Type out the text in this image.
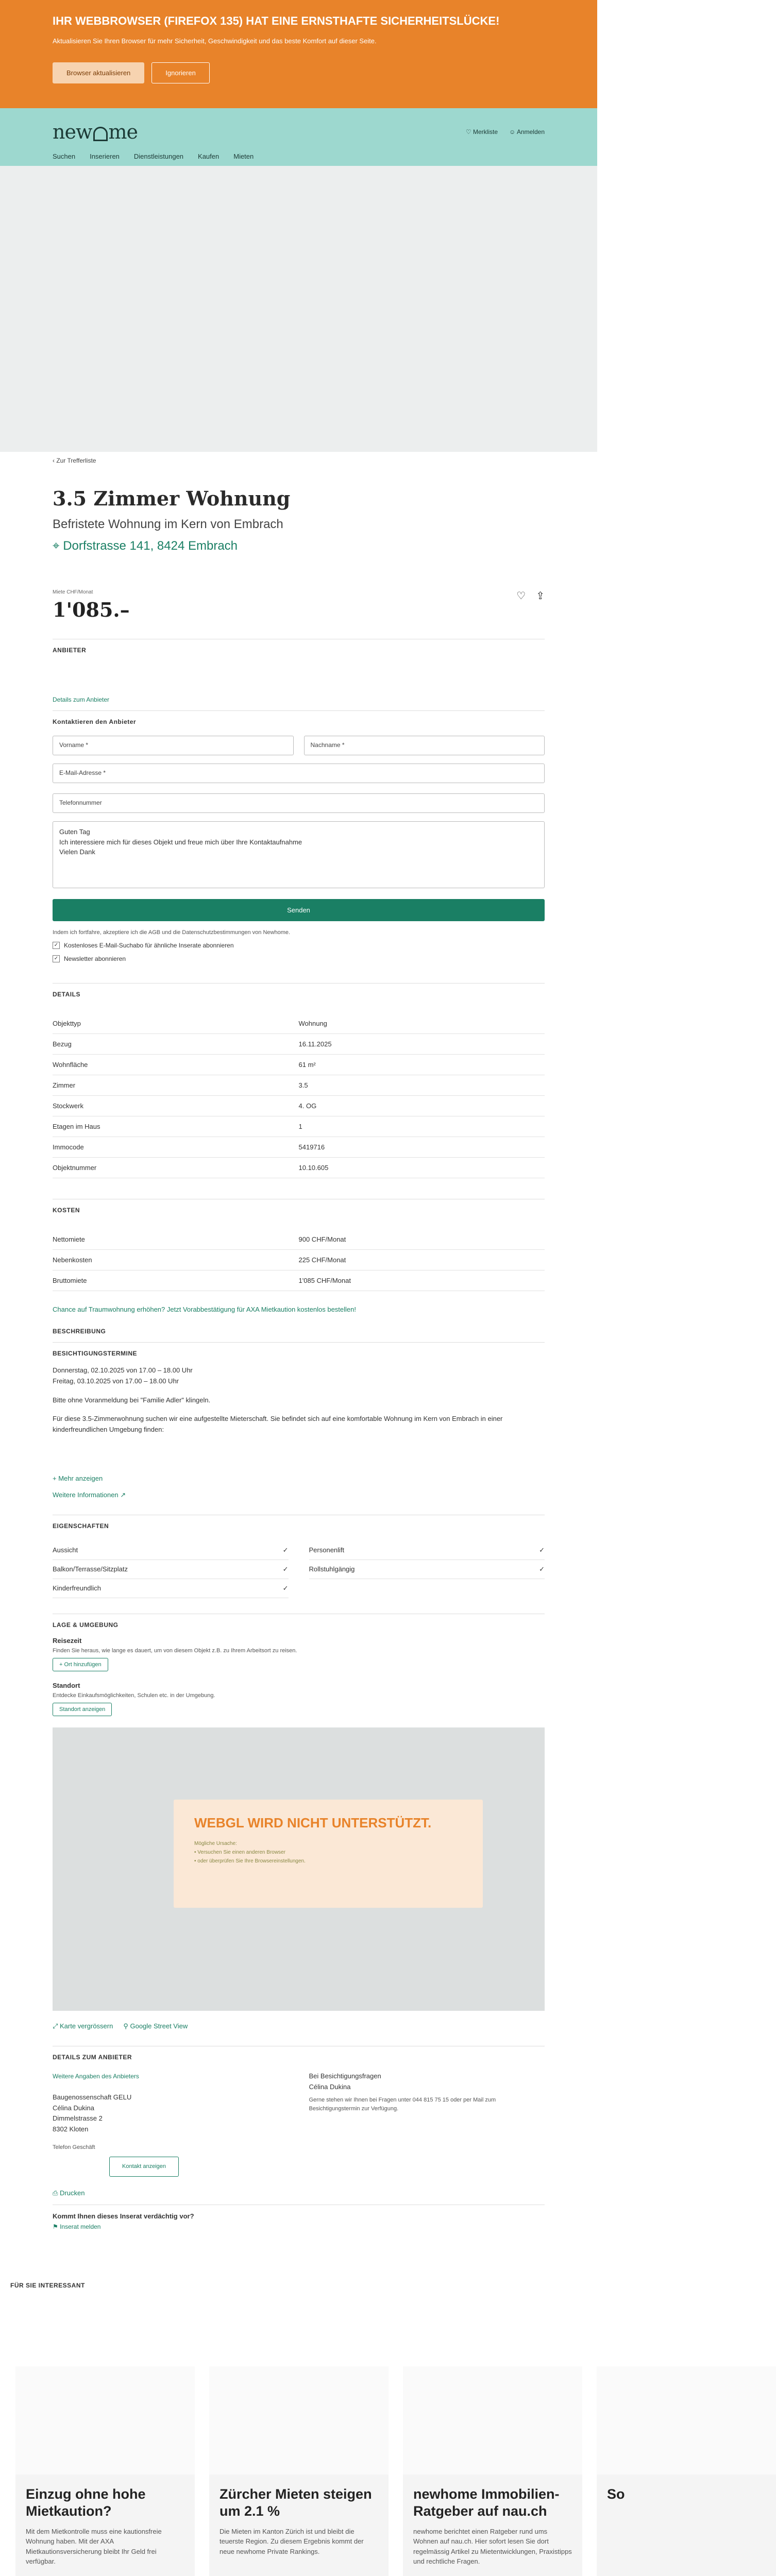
IHR WEBBROWSER (FIREFOX 135) HAT EINE ERNSTHAFTE SICHERHEITSLÜCKE!

Aktualisieren Sie Ihren Browser für mehr Sicherheit, Geschwindigkeit und das beste Komfort auf dieser Seite.

Browser aktualisieren	Ignorieren
new me	♡ Merkliste ☺ Anmelden
Suchen Inserieren Dienstleistungen Kaufen Mieten
‹ Zur Trefferliste
3.5 Zimmer Wohnung
Befristete Wohnung im Kern von Embrach
⌖ Dorfstrasse 141, 8424 Embrach
Miete CHF/Monat
1'085.–
♡ ⇪
ANBIETER
Details zum Anbieter
Kontaktieren den Anbieter
Vorname *	Nachname *
E-Mail-Adresse *
Telefonnummer
Guten Tag Ich interessiere mich für dieses Objekt und freue mich über Ihre Kontaktaufnahme Vielen Dank
Senden
Indem ich fortfahre, akzeptiere ich die AGB und die Datenschutzbestimmungen von Newhome.
✓ Kostenloses E-Mail-Suchabo für ähnliche Inserate abonnieren
✓ Newsletter abonnieren
DETAILS
Objekttyp	Wohnung
Bezug	16.11.2025
Wohnfläche	61 m²
Zimmer	3.5
Stockwerk	4. OG
Etagen im Haus	1
Immocode	5419716
Objektnummer	10.10.605
KOSTEN
Nettomiete	900 CHF/Monat
Nebenkosten	225 CHF/Monat
Bruttomiete	1'085 CHF/Monat
Chance auf Traumwohnung erhöhen? Jetzt Vorabbestätigung für AXA Mietkaution kostenlos bestellen!
BESCHREIBUNG
BESICHTIGUNGSTERMINE
Donnerstag, 02.10.2025 von 17.00 – 18.00 Uhr
Freitag, 03.10.2025 von 17.00 – 18.00 Uhr
Bitte ohne Voranmeldung bei "Familie Adler" klingeln.
Für diese 3.5-Zimmerwohnung suchen wir eine aufgestellte Mieterschaft. Sie befindet sich auf eine komfortable Wohnung im Kern von Embrach in einer kinderfreundlichen Umgebung finden:
+ Mehr anzeigen
Weitere Informationen ↗
EIGENSCHAFTEN
Aussicht	✓	Personenlift	✓
Balkon/Terrasse/Sitzplatz	✓	Rollstuhlgängig	✓
Kinderfreundlich	✓
LAGE & UMGEBUNG
Reisezeit
Finden Sie heraus, wie lange es dauert, um von diesem Objekt z.B. zu Ihrem Arbeitsort zu reisen.
+ Ort hinzufügen
Standort
Entdecke Einkaufsmöglichkeiten, Schulen etc. in der Umgebung.
Standort anzeigen
WEBGL WIRD NICHT UNTERSTÜTZT.

Mögliche Ursache:
• Versuchen Sie einen anderen Browser
• oder überprüfen Sie Ihre Browsereinstellungen.

⤢ Karte vergrössern ⚲ Google Street View
DETAILS ZUM ANBIETER
Weitere Angaben des Anbieters
Baugenossenschaft GELU
Célina Dukina
Dimmelstrasse 2
8302 Kloten
Telefon Geschäft
Kontakt anzeigen
Bei Besichtigungsfragen
Célina Dukina
Gerne stehen wir Ihnen bei Fragen unter 044 815 75 15 oder per Mail zum Besichtigungstermin zur Verfügung.
⎙ Drucken
Kommt Ihnen dieses Inserat verdächtig vor?
⚑ Inserat melden
FÜR SIE INTERESSANT
Einzug ohne hohe Mietkaution?

Mit dem Mietkontrolle muss eine kautionsfreie Wohnung haben. Mit der AXA Mietkautionsversicherung bleibt Ihr Geld frei verfügbar.

Zürcher Mieten steigen um 2.1 %

Die Mieten im Kanton Zürich ist und bleibt die teuerste Region. Zu diesem Ergebnis kommt der neue newhome Private Rankings.

newhome Immobilien-Ratgeber auf nau.ch

newhome berichtet einen Ratgeber rund ums Wohnen auf nau.ch. Hier sofort lesen Sie dort regelmässig Artikel zu Mietentwicklungen, Praxistipps und rechtliche Fragen.

So
